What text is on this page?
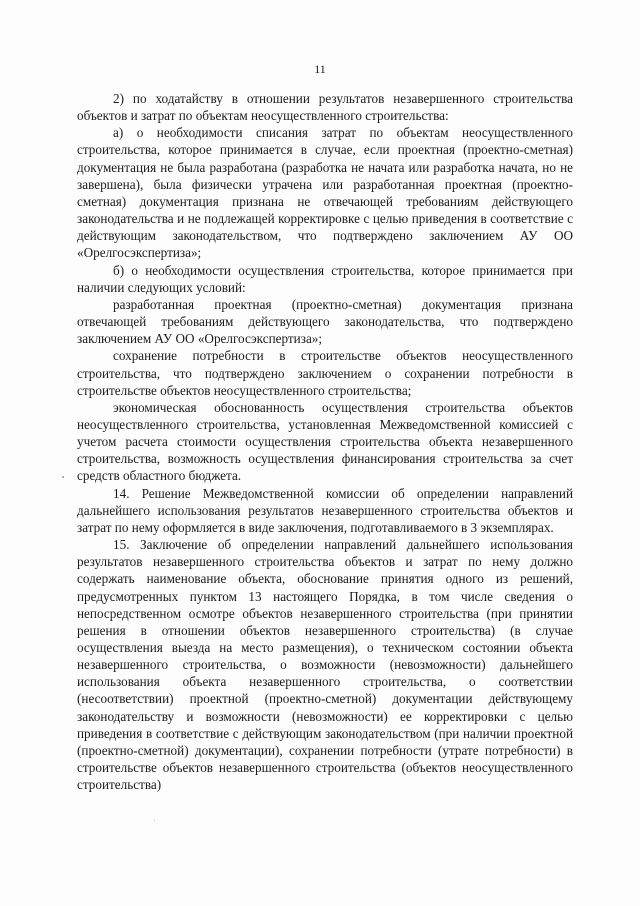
11

2) по ходатайству в отношении результатов незавершенного строительства объектов и затрат по объектам неосуществленного строительства:

а) о необходимости списания затрат по объектам неосуществленного строительства, которое принимается в случае, если проектная (проектно-сметная) документация не была разработана (разработка не начата или разработка начата, но не завершена), была физически утрачена или разработанная проектная (проектно-сметная) документация признана не отвечающей требованиям действующего законодательства и не подлежащей корректировке с целью приведения в соответствие с действующим законодательством, что подтверждено заключением АУ ОО «Орелгосэкспертиза»;

б) о необходимости осуществления строительства, которое принимается при наличии следующих условий:

разработанная проектная (проектно-сметная) документация признана отвечающей требованиям действующего законодательства, что подтверждено заключением АУ ОО «Орелгосэкспертиза»;

сохранение потребности в строительстве объектов неосуществленного строительства, что подтверждено заключением о сохранении потребности в строительстве объектов неосуществленного строительства;

экономическая обоснованность осуществления строительства объектов неосуществленного строительства, установленная Межведомственной комиссией с учетом расчета стоимости осуществления строительства объекта незавершенного строительства, возможность осуществления финансирования строительства за счет средств областного бюджета.

14. Решение Межведомственной комиссии об определении направлений дальнейшего использования результатов незавершенного строительства объектов и затрат по нему оформляется в виде заключения, подготавливаемого в 3 экземплярах.

15. Заключение об определении направлений дальнейшего использования результатов незавершенного строительства объектов и затрат по нему должно содержать наименование объекта, обоснование принятия одного из решений, предусмотренных пунктом 13 настоящего Порядка, в том числе сведения о непосредственном осмотре объектов незавершенного строительства (при принятии решения в отношении объектов незавершенного строительства) (в случае осуществления выезда на место размещения), о техническом состоянии объекта незавершенного строительства, о возможности (невозможности) дальнейшего использования объекта незавершенного строительства, о соответствии (несоответствии) проектной (проектно-сметной) документации действующему законодательству и возможности (невозможности) ее корректировки с целью приведения в соответствие с действующим законодательством (при наличии проектной (проектно-сметной) документации), сохранении потребности (утрате потребности) в строительстве объектов незавершенного строительства (объектов неосуществленного строительства)
